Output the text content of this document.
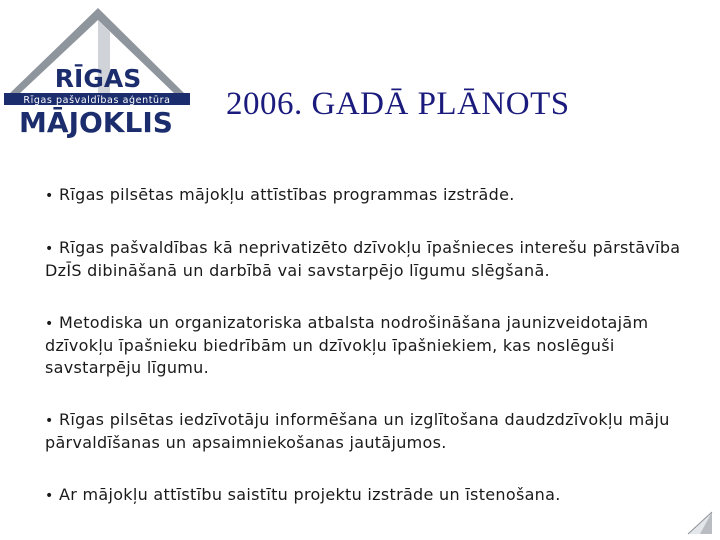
RĪGAS
Rīgas pašvaldības aģentūra
MĀJOKLIS
2006. GADĀ PLĀNOTS
• Rīgas pilsētas mājokļu attīstības programmas izstrāde.
• Rīgas pašvaldības kā neprivatizēto dzīvokļu īpašnieces interešu pārstāvība DzĪS dibināšanā un darbībā vai savstarpējo līgumu slēgšanā.
• Metodiska un organizatoriska atbalsta nodrošināšana jaunizveidotajām dzīvokļu īpašnieku biedrībām un dzīvokļu īpašniekiem, kas noslēguši savstarpēju līgumu.
• Rīgas pilsētas iedzīvotāju informēšana un izglītošana daudzdzīvokļu māju pārvaldīšanas un apsaimniekošanas jautājumos.
• Ar mājokļu attīstību saistītu projektu izstrāde un īstenošana.
